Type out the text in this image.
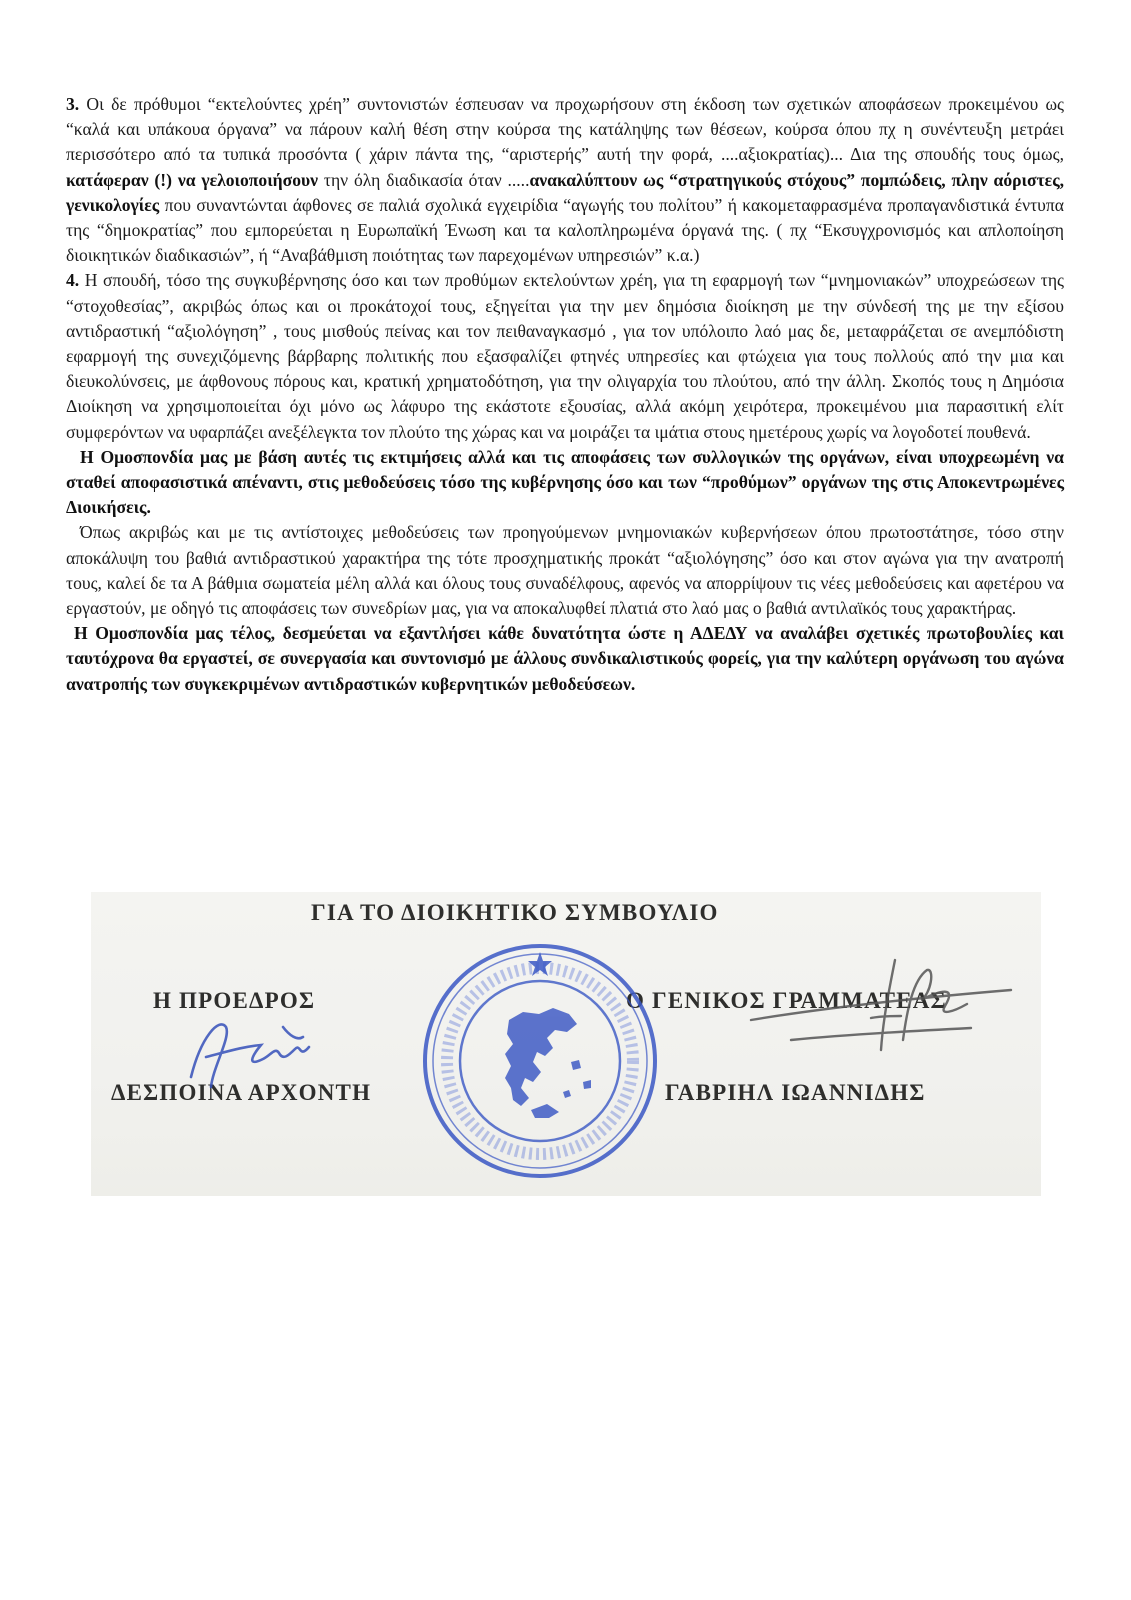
3. Οι δε πρόθυμοι “εκτελούντες χρέη” συντονιστών έσπευσαν να προχωρήσουν στη έκδοση των σχετικών αποφάσεων προκειμένου ως “καλά και υπάκουα όργανα” να πάρουν καλή θέση στην κούρσα της κατάληψης των θέσεων, κούρσα όπου πχ η συνέντευξη μετράει περισσότερο από τα τυπικά προσόντα ( χάριν πάντα της, “αριστερής” αυτή την φορά, ....αξιοκρατίας)... Δια της σπουδής τους όμως, κατάφεραν (!) να γελοιοποιήσουν την όλη διαδικασία όταν .....ανακαλύπτουν ως “στρατηγικούς στόχους” πομπώδεις, πλην αόριστες, γενικολογίες που συναντώνται άφθονες σε παλιά σχολικά εγχειρίδια “αγωγής του πολίτου” ή κακομεταφρασμένα προπαγανδιστικά έντυπα της “δημοκρατίας” που εμπορεύεται η Ευρωπαϊκή Ένωση και τα καλοπληρωμένα όργανά της. ( πχ “Εκσυγχρονισμός και απλοποίηση διοικητικών διαδικασιών”, ή “Αναβάθμιση ποιότητας των παρεχομένων υπηρεσιών” κ.α.)

4. Η σπουδή, τόσο της συγκυβέρνησης όσο και των προθύμων εκτελούντων χρέη, για τη εφαρμογή των “μνημονιακών” υποχρεώσεων της “στοχοθεσίας”, ακριβώς όπως και οι προκάτοχοί τους, εξηγείται για την μεν δημόσια διοίκηση με την σύνδεσή της με την εξίσου αντιδραστική “αξιολόγηση” , τους μισθούς πείνας και τον πειθαναγκασμό , για τον υπόλοιπο λαό μας δε, μεταφράζεται σε ανεμπόδιστη εφαρμογή της συνεχιζόμενης βάρβαρης πολιτικής που εξασφαλίζει φτηνές υπηρεσίες και φτώχεια για τους πολλούς από την μια και διευκολύνσεις, με άφθονους πόρους και, κρατική χρηματοδότηση, για την ολιγαρχία του πλούτου, από την άλλη. Σκοπός τους η Δημόσια Διοίκηση να χρησιμοποιείται όχι μόνο ως λάφυρο της εκάστοτε εξουσίας, αλλά ακόμη χειρότερα, προκειμένου μια παρασιτική ελίτ συμφερόντων να υφαρπάζει ανεξέλεγκτα τον πλούτο της χώρας και να μοιράζει τα ιμάτια στους ημετέρους χωρίς να λογοδοτεί πουθενά.

Η Ομοσπονδία μας με βάση αυτές τις εκτιμήσεις αλλά και τις αποφάσεις των συλλογικών της οργάνων, είναι υποχρεωμένη να σταθεί αποφασιστικά απέναντι, στις μεθοδεύσεις τόσο της κυβέρνησης όσο και των “προθύμων” οργάνων της στις Αποκεντρωμένες Διοικήσεις.

Όπως ακριβώς και με τις αντίστοιχες μεθοδεύσεις των προηγούμενων μνημονιακών κυβερνήσεων όπου πρωτοστάτησε, τόσο στην αποκάλυψη του βαθιά αντιδραστικού χαρακτήρα της τότε προσχηματικής προκάτ “αξιολόγησης” όσο και στον αγώνα για την ανατροπή τους, καλεί δε τα Α βάθμια σωματεία μέλη αλλά και όλους τους συναδέλφους, αφενός να απορρίψουν τις νέες μεθοδεύσεις και αφετέρου να εργαστούν, με οδηγό τις αποφάσεις των συνεδρίων μας, για να αποκαλυφθεί πλατιά στο λαό μας ο βαθιά αντιλαϊκός τους χαρακτήρας.

Η Ομοσπονδία μας τέλος, δεσμεύεται να εξαντλήσει κάθε δυνατότητα ώστε η ΑΔΕΔΥ να αναλάβει σχετικές πρωτοβουλίες και ταυτόχρονα θα εργαστεί, σε συνεργασία και συντονισμό με άλλους συνδικαλιστικούς φορείς, για την καλύτερη οργάνωση του αγώνα ανατροπής των συγκεκριμένων αντιδραστικών κυβερνητικών μεθοδεύσεων.

ΓΙΑ ΤΟ ΔΙΟΙΚΗΤΙΚΟ ΣΥΜΒΟΥΛΙΟ
Η ΠΡΟΕΔΡΟΣ
ΔΕΣΠΟΙΝΑ ΑΡΧΟΝΤΗ
Ο ΓΕΝΙΚΟΣ ΓΡΑΜΜΑΤΕΑΣ
ΓΑΒΡΙΗΛ ΙΩΑΝΝΙΔΗΣ
